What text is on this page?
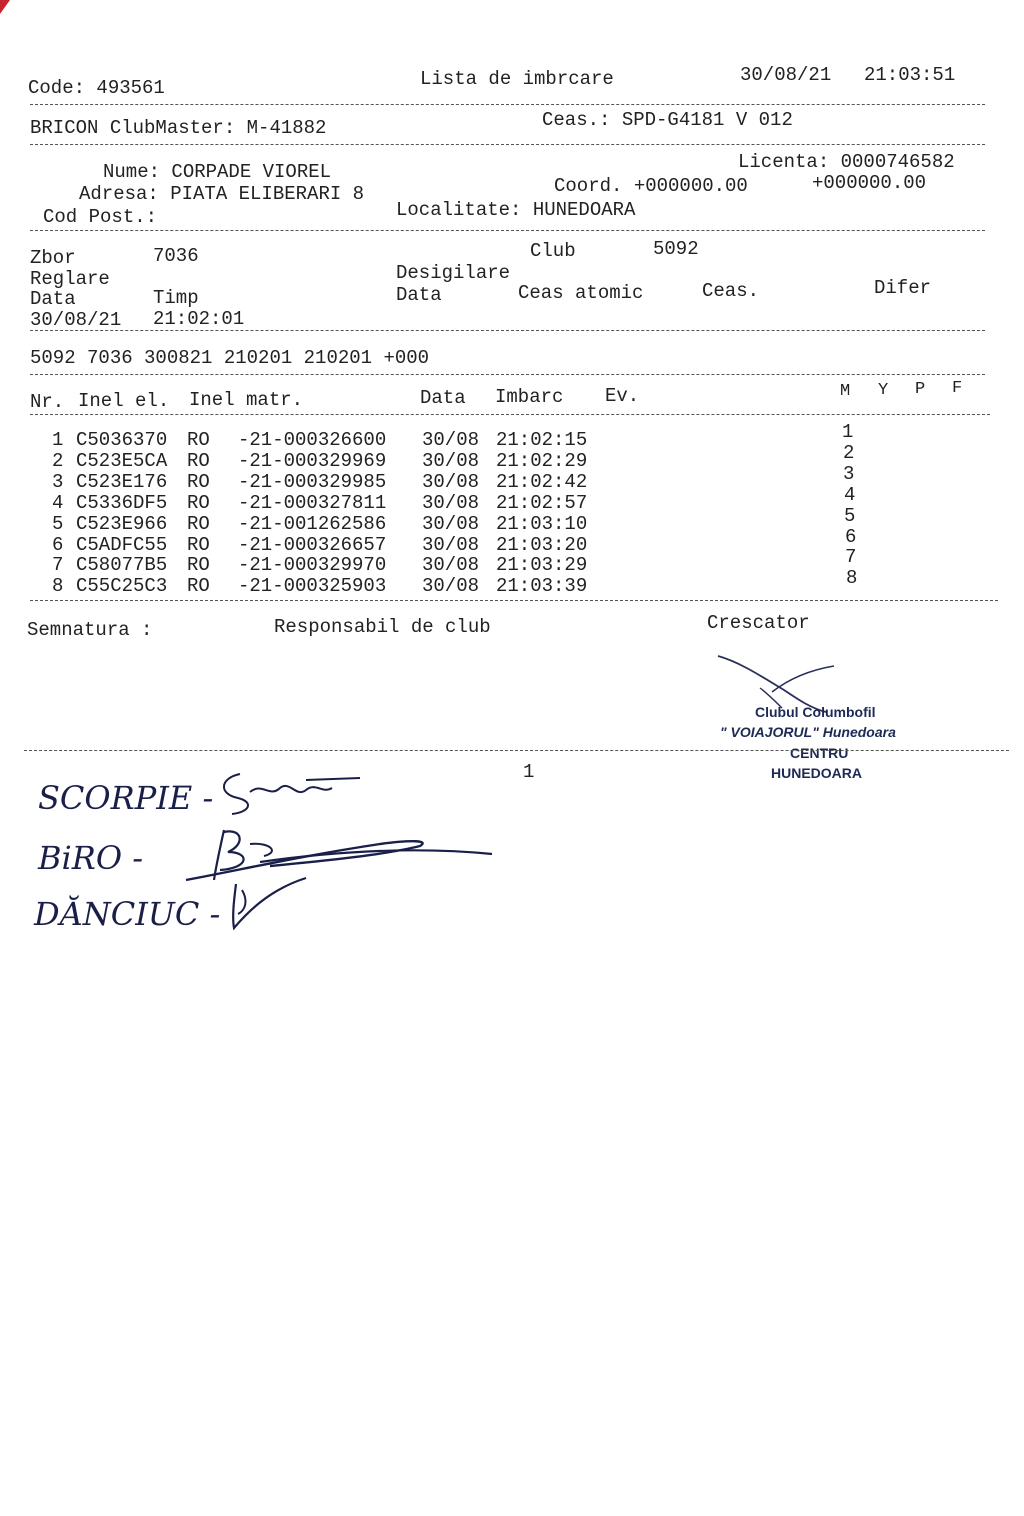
Code: 493561	Lista de imbrcare	30/08/21 21:03:51
BRICON ClubMaster: M-41882	Ceas.: SPD-G4181 V 012
Nume: CORPADE VIOREL
Adresa: PIATA ELIBERARI 8
Cod Post.:
Licenta: 0000746582
Coord. +000000.00	+000000.00
Localitate: HUNEDOARA
Zbor	7036	Club	5092
Reglare	Desigilare
Data	Timp	Data	Ceas atomic	Ceas.	Difer
30/08/21 21:02:01
5092 7036 300821 210201 210201 +000
Nr. Inel el. Inel matr.	Data Imbarc Ev.	M Y P F
1 C5036370 RO -21-000326600 30/08 21:02:15	1
2 C523E5CA RO -21-000329969 30/08 21:02:29	2
3 C523E176 RO -21-000329985 30/08 21:02:42	3
4 C5336DF5 RO -21-000327811 30/08 21:02:57	4
5 C523E966 RO -21-001262586 30/08 21:03:10	5
6 C5ADFC55 RO -21-000326657 30/08 21:03:20	6
7 C58077B5 RO -21-000329970 30/08 21:03:29	7
8 C55C25C3 RO -21-000325903 30/08 21:03:39	8
Semnatura :	Responsabil de club	Crescator
Clubul Columbofil
" VOIAJORUL" Hunedoara
CENTRU
HUNEDOARA
1
SCORPIE -
BiRO -
DĂNCIUC -
